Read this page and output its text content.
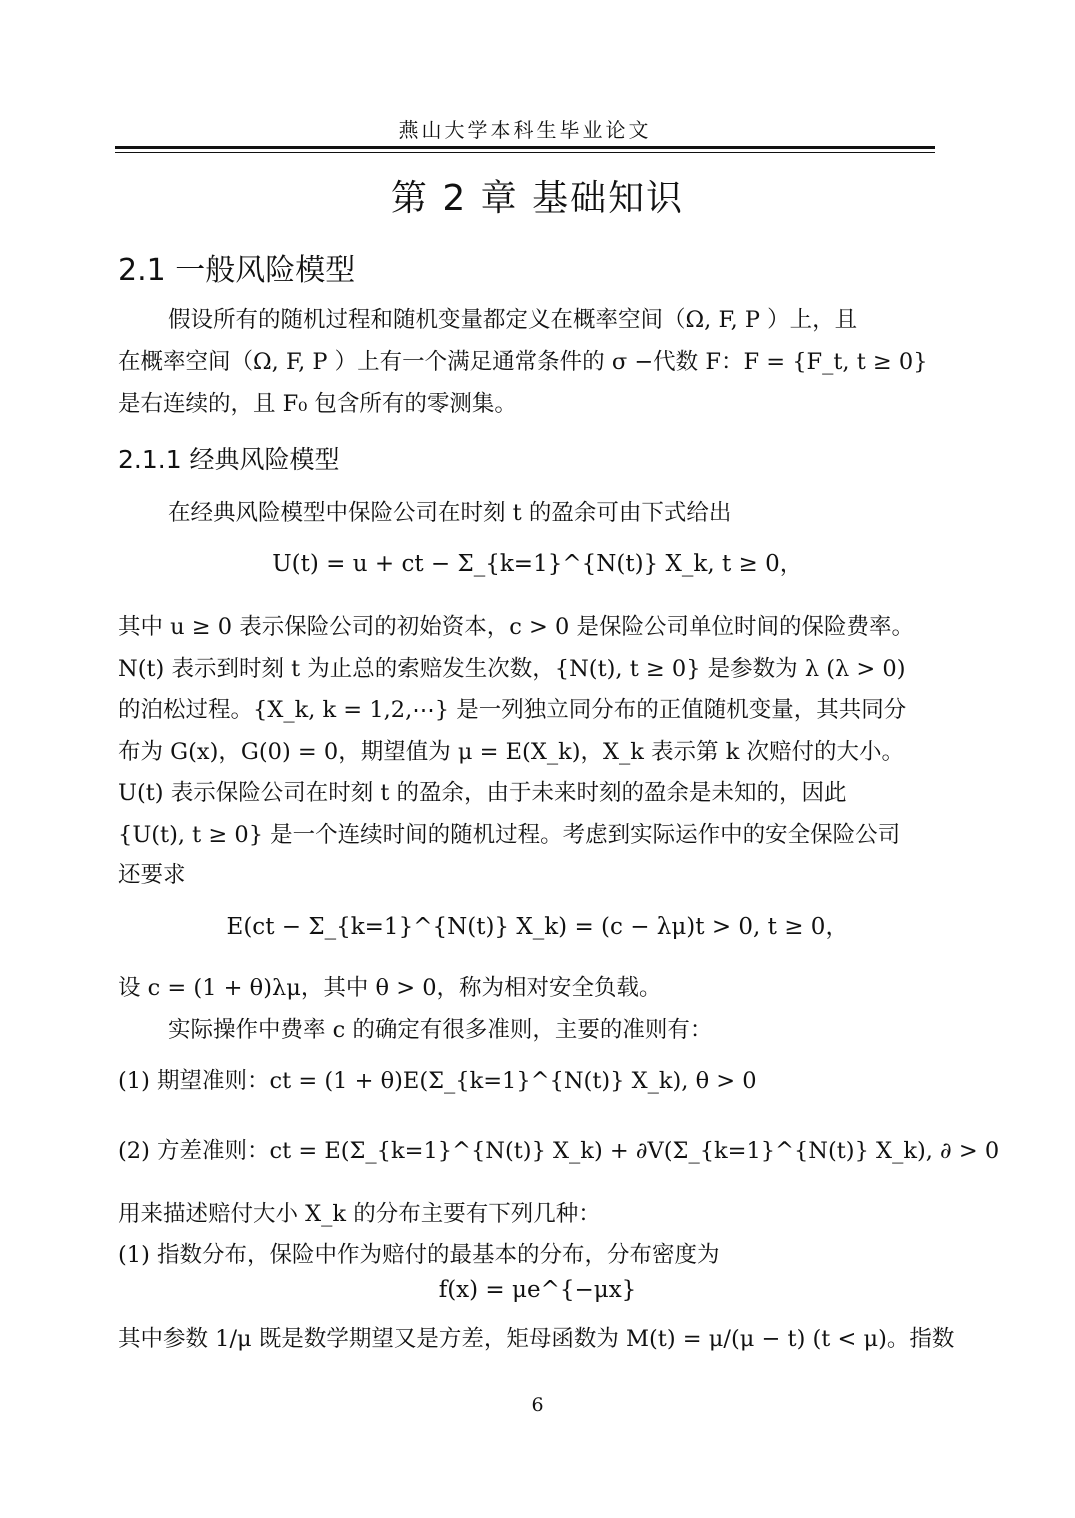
燕山大学本科生毕业论文
第 2 章 基础知识
2.1 一般风险模型
假设所有的随机过程和随机变量都定义在概率空间（Ω, F, P ）上，且
在概率空间（Ω, F, P ）上有一个满足通常条件的 σ −代数 F：F = {F_t, t ≥ 0}
是右连续的，且 F₀ 包含所有的零测集。
2.1.1 经典风险模型
在经典风险模型中保险公司在时刻 t 的盈余可由下式给出
U(t) = u + ct − Σ_{k=1}^{N(t)} X_k, t ≥ 0，
其中 u ≥ 0 表示保险公司的初始资本，c > 0 是保险公司单位时间的保险费率。
N(t) 表示到时刻 t 为止总的索赔发生次数，{N(t), t ≥ 0} 是参数为 λ (λ > 0)
的泊松过程。{X_k, k = 1,2,⋯} 是一列独立同分布的正值随机变量，其共同分
布为 G(x)，G(0) = 0，期望值为 μ = E(X_k)，X_k 表示第 k 次赔付的大小。
U(t) 表示保险公司在时刻 t 的盈余，由于未来时刻的盈余是未知的，因此
{U(t), t ≥ 0} 是一个连续时间的随机过程。考虑到实际运作中的安全保险公司
还要求
E(ct − Σ_{k=1}^{N(t)} X_k) = (c − λμ)t > 0, t ≥ 0，
设 c = (1 + θ)λμ，其中 θ > 0，称为相对安全负载。
实际操作中费率 c 的确定有很多准则，主要的准则有：
(1) 期望准则：ct = (1 + θ)E(Σ_{k=1}^{N(t)} X_k), θ > 0
(2) 方差准则：ct = E(Σ_{k=1}^{N(t)} X_k) + ∂V(Σ_{k=1}^{N(t)} X_k), ∂ > 0
用来描述赔付大小 X_k 的分布主要有下列几种：
(1) 指数分布，保险中作为赔付的最基本的分布，分布密度为
f(x) = μe^{−μx}
其中参数 1/μ 既是数学期望又是方差，矩母函数为 M(t) = μ/(μ − t) (t < μ)。指数
6
